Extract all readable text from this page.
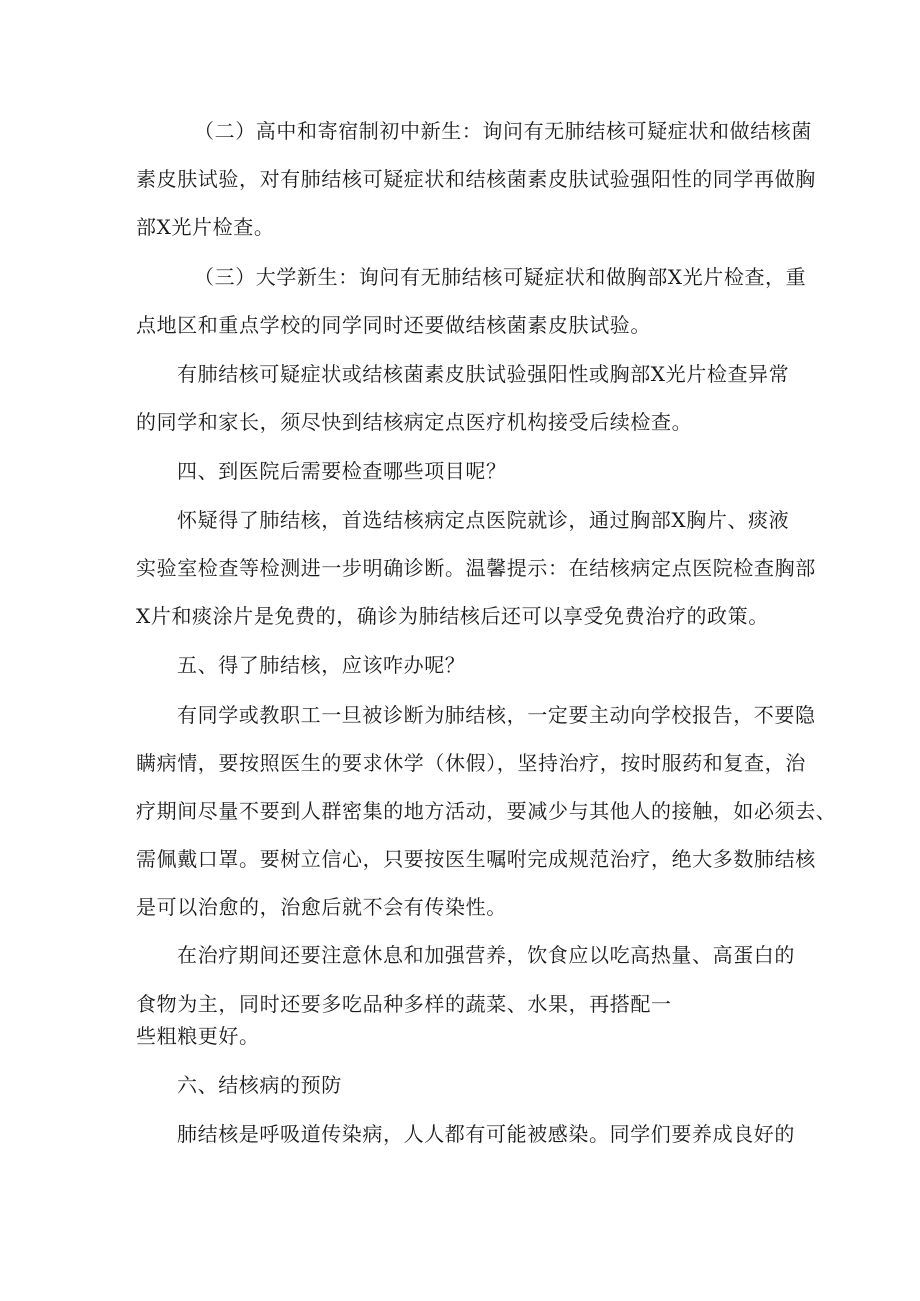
（二）高中和寄宿制初中新生：询问有无肺结核可疑症状和做结核菌

素皮肤试验，对有肺结核可疑症状和结核菌素皮肤试验强阳性的同学再做胸

部X光片检查。

（三）大学新生：询问有无肺结核可疑症状和做胸部X光片检查，重

点地区和重点学校的同学同时还要做结核菌素皮肤试验。

有肺结核可疑症状或结核菌素皮肤试验强阳性或胸部X光片检查异常

的同学和家长，须尽快到结核病定点医疗机构接受后续检查。

四、到医院后需要检查哪些项目呢？

怀疑得了肺结核，首选结核病定点医院就诊，通过胸部X胸片、痰液

实验室检查等检测进一步明确诊断。温馨提示：在结核病定点医院检查胸部

X片和痰涂片是免费的，确诊为肺结核后还可以享受免费治疗的政策。

五、得了肺结核，应该咋办呢？

有同学或教职工一旦被诊断为肺结核，一定要主动向学校报告，不要隐

瞒病情，要按照医生的要求休学（休假），坚持治疗，按时服药和复查，治

疗期间尽量不要到人群密集的地方活动，要减少与其他人的接触，如必须去、

需佩戴口罩。要树立信心，只要按医生嘱咐完成规范治疗，绝大多数肺结核

是可以治愈的，治愈后就不会有传染性。

在治疗期间还要注意休息和加强营养，饮食应以吃高热量、高蛋白的

食物为主，同时还要多吃品种多样的蔬菜、水果，再搭配一

些粗粮更好。

六、结核病的预防

肺结核是呼吸道传染病，人人都有可能被感染。同学们要养成良好的
